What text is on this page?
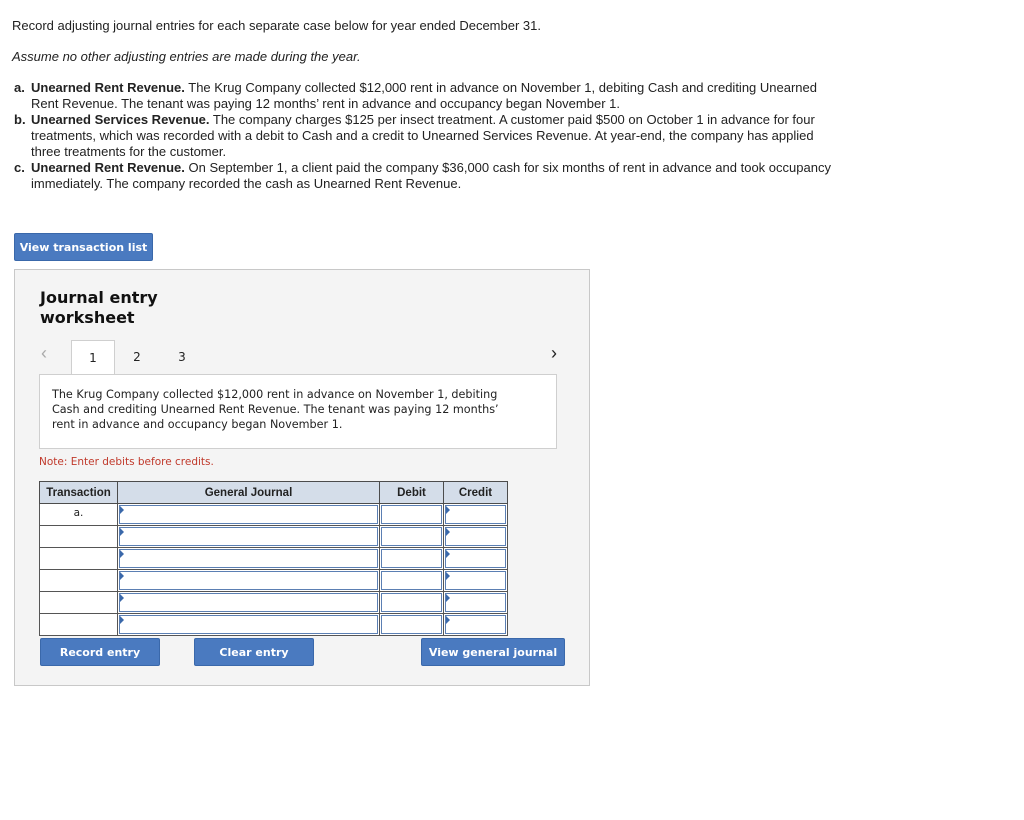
Record adjusting journal entries for each separate case below for year ended December 31.

Assume no other adjusting entries are made during the year.

a. Unearned Rent Revenue. The Krug Company collected $12,000 rent in advance on November 1, debiting Cash and crediting Unearned Rent Revenue. The tenant was paying 12 months’ rent in advance and occupancy began November 1.
b. Unearned Services Revenue. The company charges $125 per insect treatment. A customer paid $500 on October 1 in advance for four treatments, which was recorded with a debit to Cash and a credit to Unearned Services Revenue. At year-end, the company has applied three treatments for the customer.
c. Unearned Rent Revenue. On September 1, a client paid the company $36,000 cash for six months of rent in advance and took occupancy immediately. The company recorded the cash as Unearned Rent Revenue.
View transaction list
Journal entry worksheet
‹	1	2	3	›
The Krug Company collected $12,000 rent in advance on November 1, debiting Cash and crediting Unearned Rent Revenue. The tenant was paying 12 months’ rent in advance and occupancy began November 1.
Note: Enter debits before credits.
Transaction	General Journal	Debit	Credit
a.	

Record entry	Clear entry	View general journal
